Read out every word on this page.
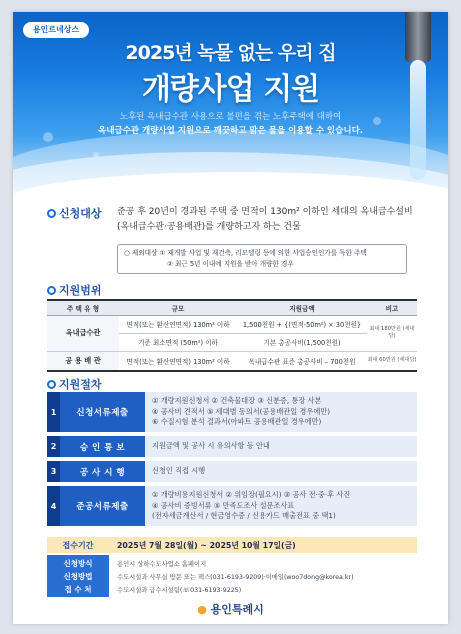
용인르네상스
2025년 녹물 없는 우리 집
개량사업 지원
노후된 옥내급수관 사용으로 불편을 겪는 노후주택에 대하여
옥내급수관 개량사업 지원으로 깨끗하고 맑은 물을 이용할 수 있습니다.
신청대상 준공 후 20년이 경과된 주택 중 면적이 130m² 이하인 세대의 옥내급수설비
(옥내급수관·공용배관)를 개량하고자 하는 건물
○ 제외대상 ① 재개발 사업 및 재건축, 리모델링 등에 의한 사업승인인가를 득한 주택
② 최근 5년 이내에 지원을 받아 개량한 경우
지원범위
주 택 유 형	규모	지원금액	비고
옥내급수관	면적(또는 환산연면적) 130m² 이하	1,500천원 + {(면적-50m²) × 30천원}	최대 180만원 (세대당)
	기준 최소면적 (50m²) 이하	기본 총공사비(1,500천원)	
공 용 배 관	면적(또는 환산연면적) 130m² 이하	옥내급수관 표준 총공사비 – 700천원	최대 60만원 (세대당)
지원절차
1	신청서류제출
① 개량지원신청서 ② 건축물대장 ③ 신분증, 통장 사본
④ 공사비 견적서 ⑤ 세대별 동의서(공용배관일 경우에만)
⑥ 수질시험 분석 결과서(아파트 공용배관일 경우에만)
2	승 인 통 보	지원금액 및 공사 시 유의사항 등 안내
3	공 사 시 행	신청인 직접 시행
4	준공서류제출
① 개량비용지원신청서 ② 위임장(필요시) ③ 공사 전·중·후 사진
④ 공사비 증빙서류 ⑤ 만족도조사 설문조사표
(전자세금계산서 / 현금영수증 / 신용카드 매출전표 중 택1)
접수기간	2025년 7월 28일(월) ~ 2025년 10월 17일(금)
신청방식	용인시 상하수도사업소 홈페이지
신청방법	수도시설과 사무실 방문 또는 팩스(031-6193-9209)·이메일(woo7dong@korea.kr)
접 수 처	수도시설과 급수시설팀(☏031-6193-9225)
● 용인특례시
